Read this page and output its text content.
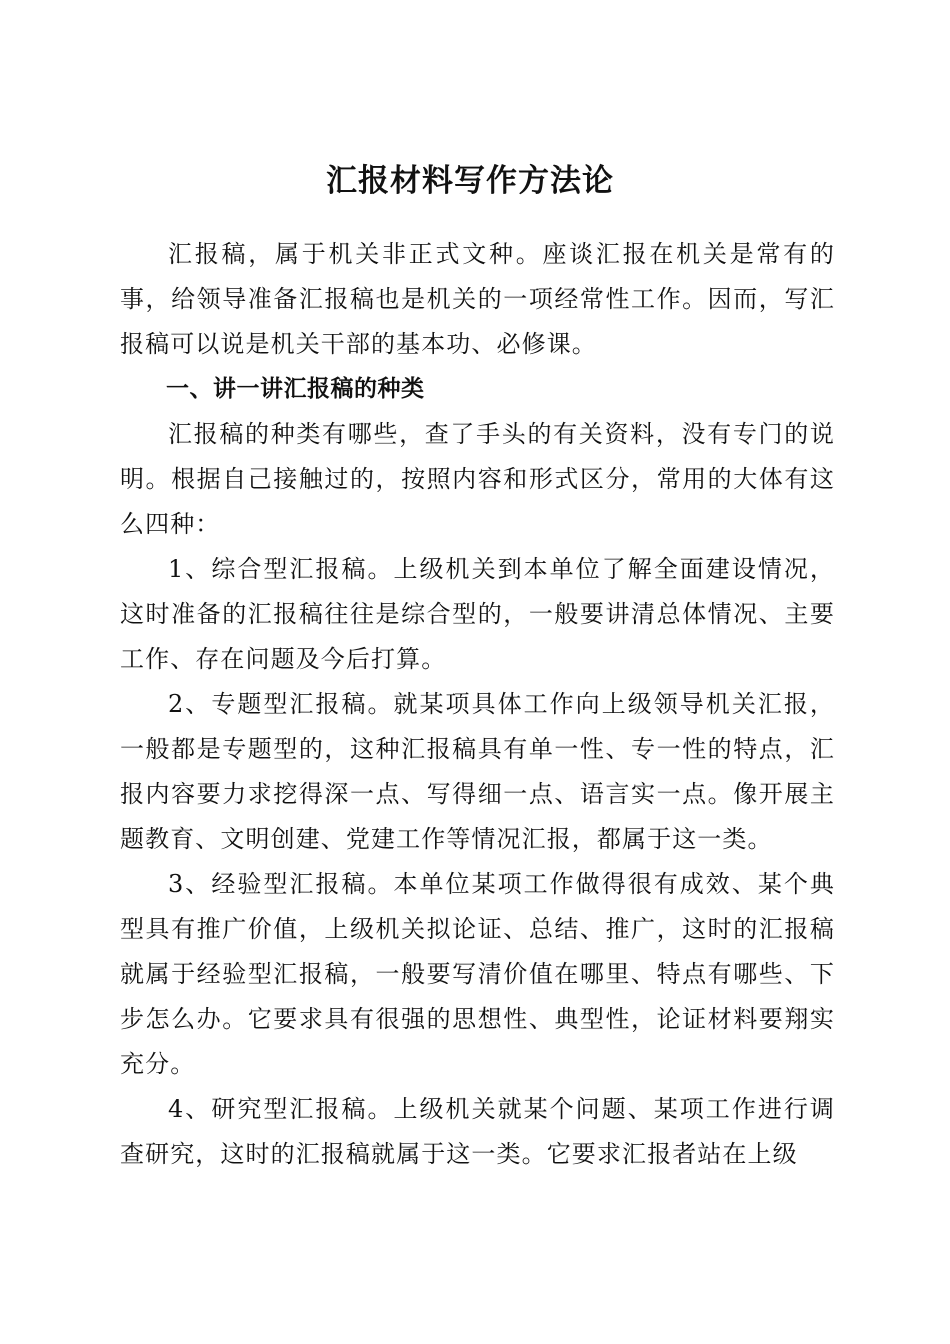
汇报材料写作方法论

汇报稿，属于机关非正式文种。座谈汇报在机关是常有的事，给领导准备汇报稿也是机关的一项经常性工作。因而，写汇报稿可以说是机关干部的基本功、必修课。

一、讲一讲汇报稿的种类

汇报稿的种类有哪些，查了手头的有关资料，没有专门的说明。根据自己接触过的，按照内容和形式区分，常用的大体有这么四种：

1、综合型汇报稿。上级机关到本单位了解全面建设情况，这时准备的汇报稿往往是综合型的，一般要讲清总体情况、主要工作、存在问题及今后打算。

2、专题型汇报稿。就某项具体工作向上级领导机关汇报，一般都是专题型的，这种汇报稿具有单一性、专一性的特点，汇报内容要力求挖得深一点、写得细一点、语言实一点。像开展主题教育、文明创建、党建工作等情况汇报，都属于这一类。

3、经验型汇报稿。本单位某项工作做得很有成效、某个典型具有推广价值，上级机关拟论证、总结、推广，这时的汇报稿就属于经验型汇报稿，一般要写清价值在哪里、特点有哪些、下步怎么办。它要求具有很强的思想性、典型性，论证材料要翔实充分。

4、研究型汇报稿。上级机关就某个问题、某项工作进行调查研究，这时的汇报稿就属于这一类。它要求汇报者站在上级
